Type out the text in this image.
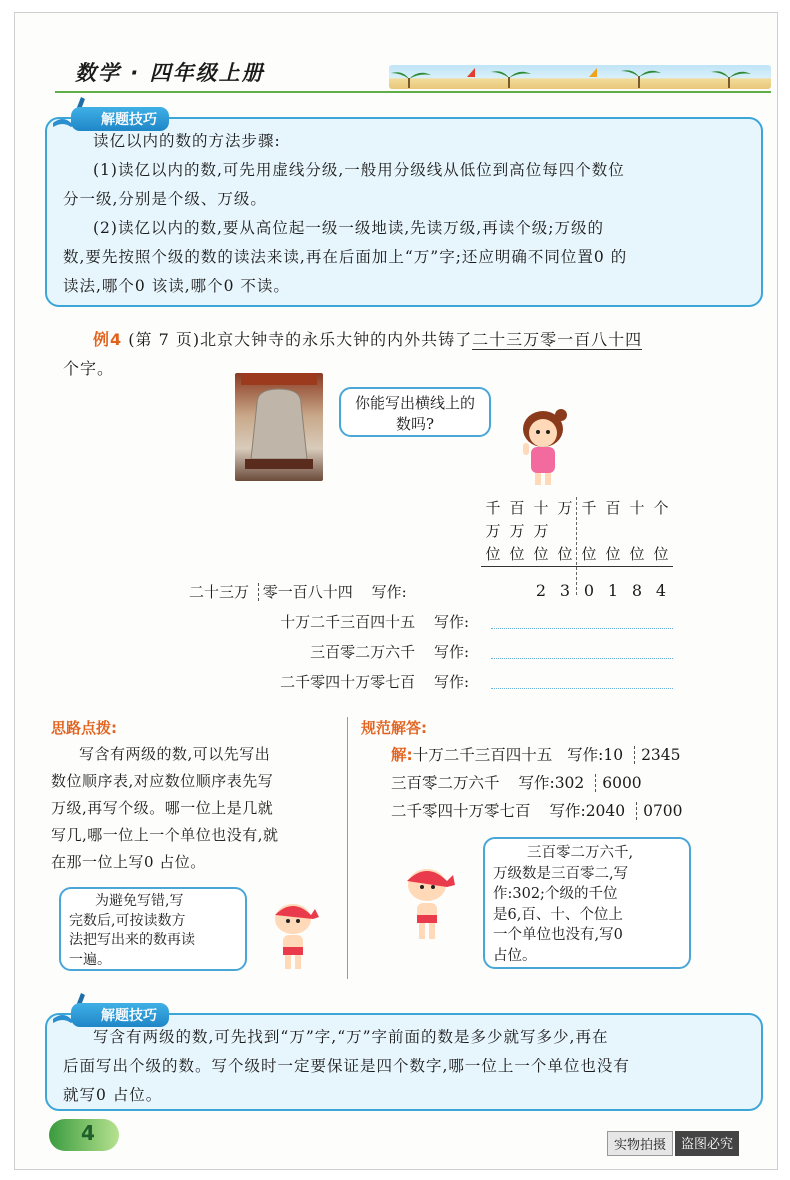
数学 · 四年级上册
解题技巧
读亿以内的数的方法步骤:
(1)读亿以内的数,可先用虚线分级,一般用分级线从低位到高位每四个数位
分一级,分别是个级、万级。
(2)读亿以内的数,要从高位起一级一级地读,先读万级,再读个级;万级的
数,要先按照个级的数的读法来读,再在后面加上“万”字;还应明确不同位置0 的
读法,哪个0 该读,哪个0 不读。
例4 (第 7 页)北京大钟寺的永乐大钟的内外共铸了二十三万零一百八十四
个字。
你能写出横线上的数吗?
千 百 十 万 千 百 十 个
万 万 万
位 位 位 位 位 位 位 位
二十三万 零一百八十四 写作:	2 3 0 1 8 4
十万二千三百四十五 写作:
三百零二万六千 写作:
二千零四十万零七百 写作:
思路点拨:
写含有两级的数,可以先写出
数位顺序表,对应数位顺序表先写
万级,再写个级。哪一位上是几就
写几,哪一位上一个单位也没有,就
在那一位上写0 占位。
为避免写错,写
完数后,可按读数方
法把写出来的数再读
一遍。
规范解答:
解:十万二千三百四十五 写作:10 2345
三百零二万六千 写作:302 6000
二千零四十万零七百 写作:2040 0700
三百零二万六千,
万级数是三百零二,写
作:302;个级的千位
是6,百、十、个位上
一个单位也没有,写0
占位。
解题技巧
写含有两级的数,可先找到“万”字,“万”字前面的数是多少就写多少,再在
后面写出个级的数。写个级时一定要保证是四个数字,哪一位上一个单位也没有
就写0 占位。
4
实物拍摄	盗图必究
